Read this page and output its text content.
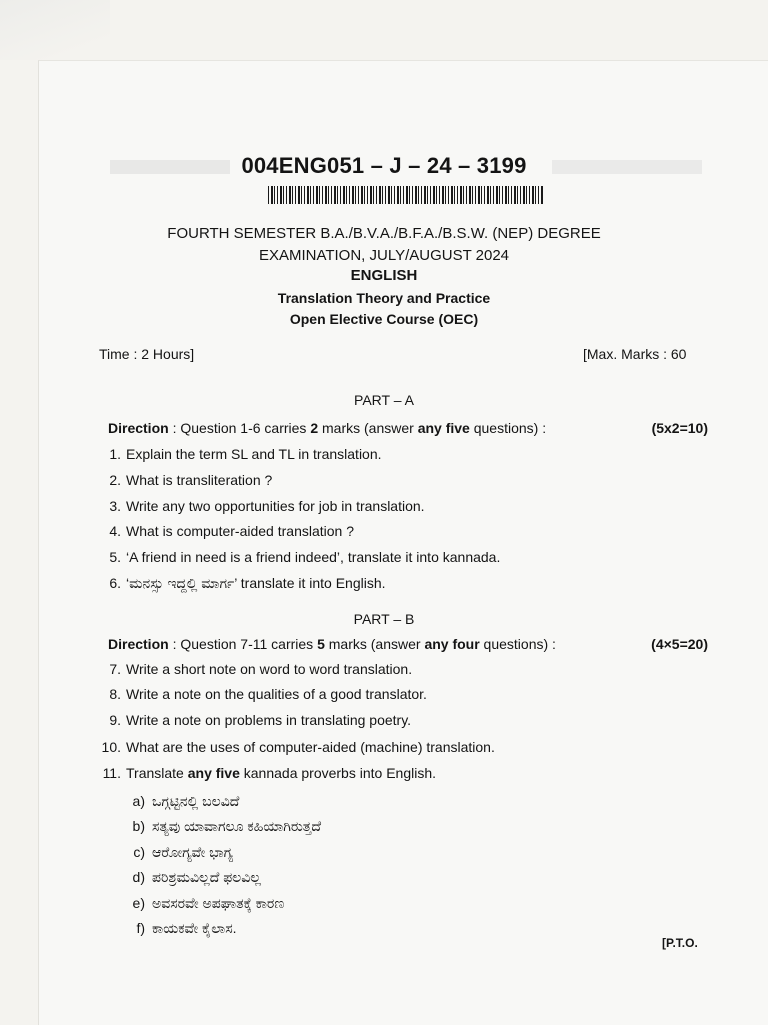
004ENG051 – J – 24 – 3199
FOURTH SEMESTER B.A./B.V.A./B.F.A./B.S.W. (NEP) DEGREE
EXAMINATION, JULY/AUGUST 2024
ENGLISH
Translation Theory and Practice
Open Elective Course (OEC)
Time : 2 Hours]	[Max. Marks : 60
PART – A
Direction : Question 1-6 carries 2 marks (answer any five questions) :	(5x2=10)
1. Explain the term SL and TL in translation.
2. What is transliteration ?
3. Write any two opportunities for job in translation.
4. What is computer-aided translation ?
5. ‘A friend in need is a friend indeed’, translate it into kannada.
6. ‘ಮನಸ್ಸು ಇದ್ದಲ್ಲಿ ಮಾರ್ಗ’ translate it into English.
PART – B
Direction : Question 7-11 carries 5 marks (answer any four questions) :	(4×5=20)
7. Write a short note on word to word translation.
8. Write a note on the qualities of a good translator.
9. Write a note on problems in translating poetry.
10. What are the uses of computer-aided (machine) translation.
11. Translate any five kannada proverbs into English.
a) ಒಗ್ಗಟ್ಟಿನಲ್ಲಿ ಬಲವಿದೆ
b) ಸತ್ಯವು ಯಾವಾಗಲೂ ಕಹಿಯಾಗಿರುತ್ತದೆ
c) ಆರೋಗ್ಯವೇ ಭಾಗ್ಯ
d) ಪರಿಶ್ರಮವಿಲ್ಲದೆ ಫಲವಿಲ್ಲ
e) ಅವಸರವೇ ಅಪಘಾತಕ್ಕೆ ಕಾರಣ
f) ಕಾಯಕವೇ ಕೈಲಾಸ.
[P.T.O.
